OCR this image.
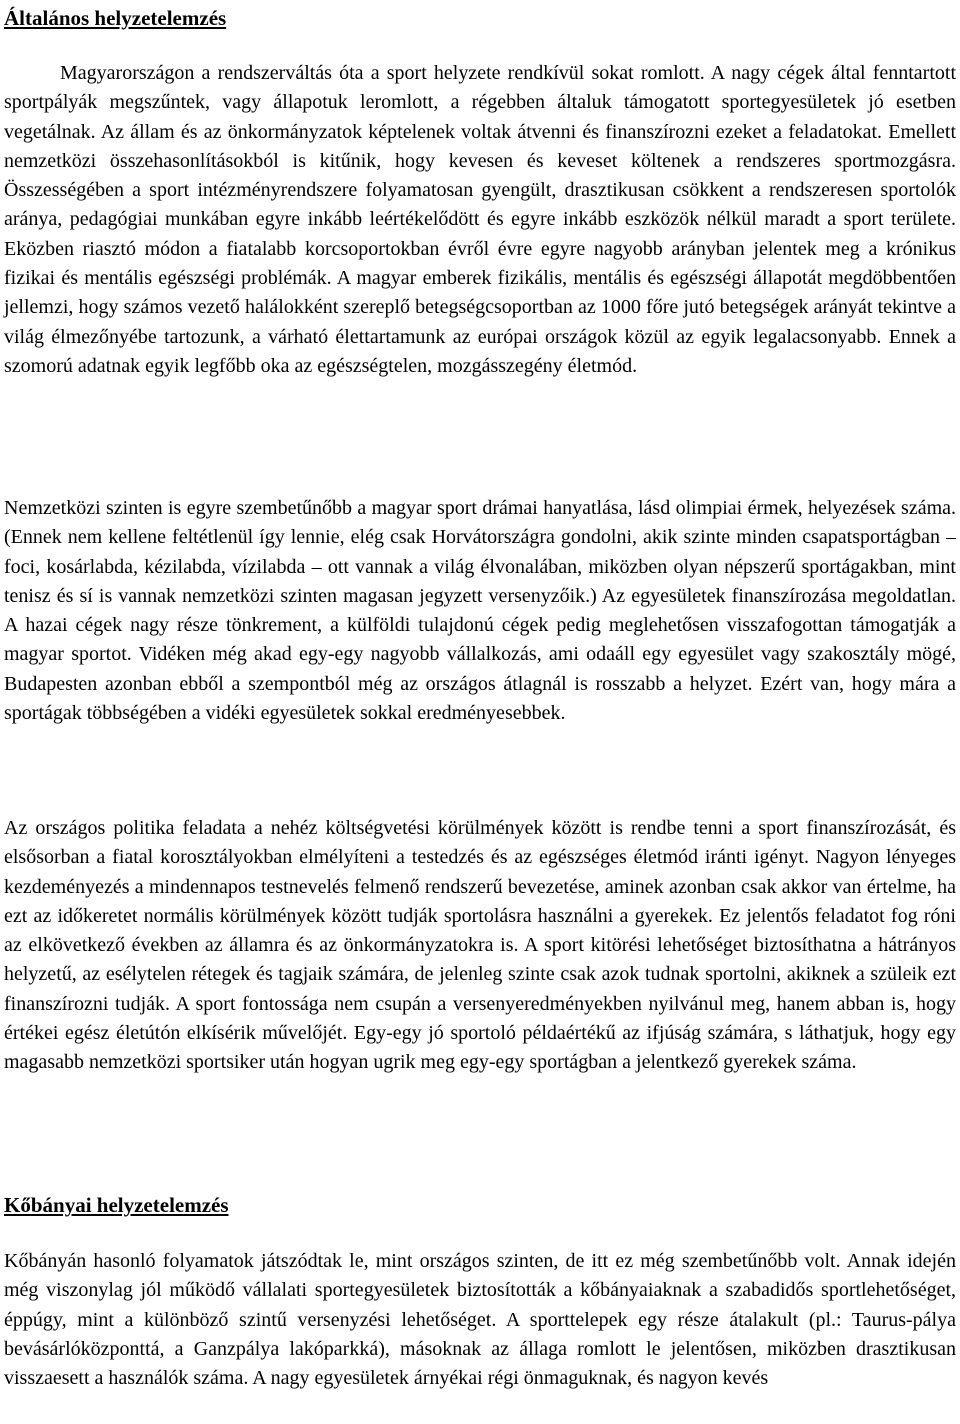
Általános helyzetelemzés

Magyarországon a rendszerváltás óta a sport helyzete rendkívül sokat romlott. A nagy cégek által fenntartott sportpályák megszűntek, vagy állapotuk leromlott, a régebben általuk támogatott sportegyesületek jó esetben vegetálnak. Az állam és az önkormányzatok képtelenek voltak átvenni és finanszírozni ezeket a feladatokat. Emellett nemzetközi összehasonlításokból is kitűnik, hogy kevesen és keveset költenek a rendszeres sportmozgásra. Összességében a sport intézményrendszere folyamatosan gyengült, drasztikusan csökkent a rendszeresen sportolók aránya, pedagógiai munkában egyre inkább leértékelődött és egyre inkább eszközök nélkül maradt a sport területe. Eközben riasztó módon a fiatalabb korcsoportokban évről évre egyre nagyobb arányban jelentek meg a krónikus fizikai és mentális egészségi problémák. A magyar emberek fizikális, mentális és egészségi állapotát megdöbbentően jellemzi, hogy számos vezető halálokként szereplő betegségcsoportban az 1000 főre jutó betegségek arányát tekintve a világ élmezőnyébe tartozunk, a várható élettartamunk az európai országok közül az egyik legalacsonyabb. Ennek a szomorú adatnak egyik legfőbb oka az egészségtelen, mozgásszegény életmód.

Nemzetközi szinten is egyre szembetűnőbb a magyar sport drámai hanyatlása, lásd olimpiai érmek, helyezések száma. (Ennek nem kellene feltétlenül így lennie, elég csak Horvátországra gondolni, akik szinte minden csapatsportágban – foci, kosárlabda, kézilabda, vízilabda – ott vannak a világ élvonalában, miközben olyan népszerű sportágakban, mint tenisz és sí is vannak nemzetközi szinten magasan jegyzett versenyzőik.) Az egyesületek finanszírozása megoldatlan. A hazai cégek nagy része tönkrement, a külföldi tulajdonú cégek pedig meglehetősen visszafogottan támogatják a magyar sportot. Vidéken még akad egy-egy nagyobb vállalkozás, ami odaáll egy egyesület vagy szakosztály mögé, Budapesten azonban ebből a szempontból még az országos átlagnál is rosszabb a helyzet. Ezért van, hogy mára a sportágak többségében a vidéki egyesületek sokkal eredményesebbek.

Az országos politika feladata a nehéz költségvetési körülmények között is rendbe tenni a sport finanszírozását, és elsősorban a fiatal korosztályokban elmélyíteni a testedzés és az egészséges életmód iránti igényt. Nagyon lényeges kezdeményezés a mindennapos testnevelés felmenő rendszerű bevezetése, aminek azonban csak akkor van értelme, ha ezt az időkeretet normális körülmények között tudják sportolásra használni a gyerekek. Ez jelentős feladatot fog róni az elkövetkező években az államra és az önkormányzatokra is. A sport kitörési lehetőséget biztosíthatna a hátrányos helyzetű, az esélytelen rétegek és tagjaik számára, de jelenleg szinte csak azok tudnak sportolni, akiknek a szüleik ezt finanszírozni tudják. A sport fontossága nem csupán a versenyeredményekben nyilvánul meg, hanem abban is, hogy értékei egész életútón elkísérik művelőjét. Egy-egy jó sportoló példaértékű az ifjúság számára, s láthatjuk, hogy egy magasabb nemzetközi sportsiker után hogyan ugrik meg egy-egy sportágban a jelentkező gyerekek száma.

Kőbányai helyzetelemzés

Kőbányán hasonló folyamatok játszódtak le, mint országos szinten, de itt ez még szembetűnőbb volt. Annak idején még viszonylag jól működő vállalati sportegyesületek biztosították a kőbányaiaknak a szabadidős sportlehetőséget, éppúgy, mint a különböző szintű versenyzési lehetőséget. A sporttelepek egy része átalakult (pl.: Taurus-pálya bevásárlóközponttá, a Ganzpálya lakóparkká), másoknak az állaga romlott le jelentősen, miközben drasztikusan visszaesett a használók száma. A nagy egyesületek árnyékai régi önmaguknak, és nagyon kevés
